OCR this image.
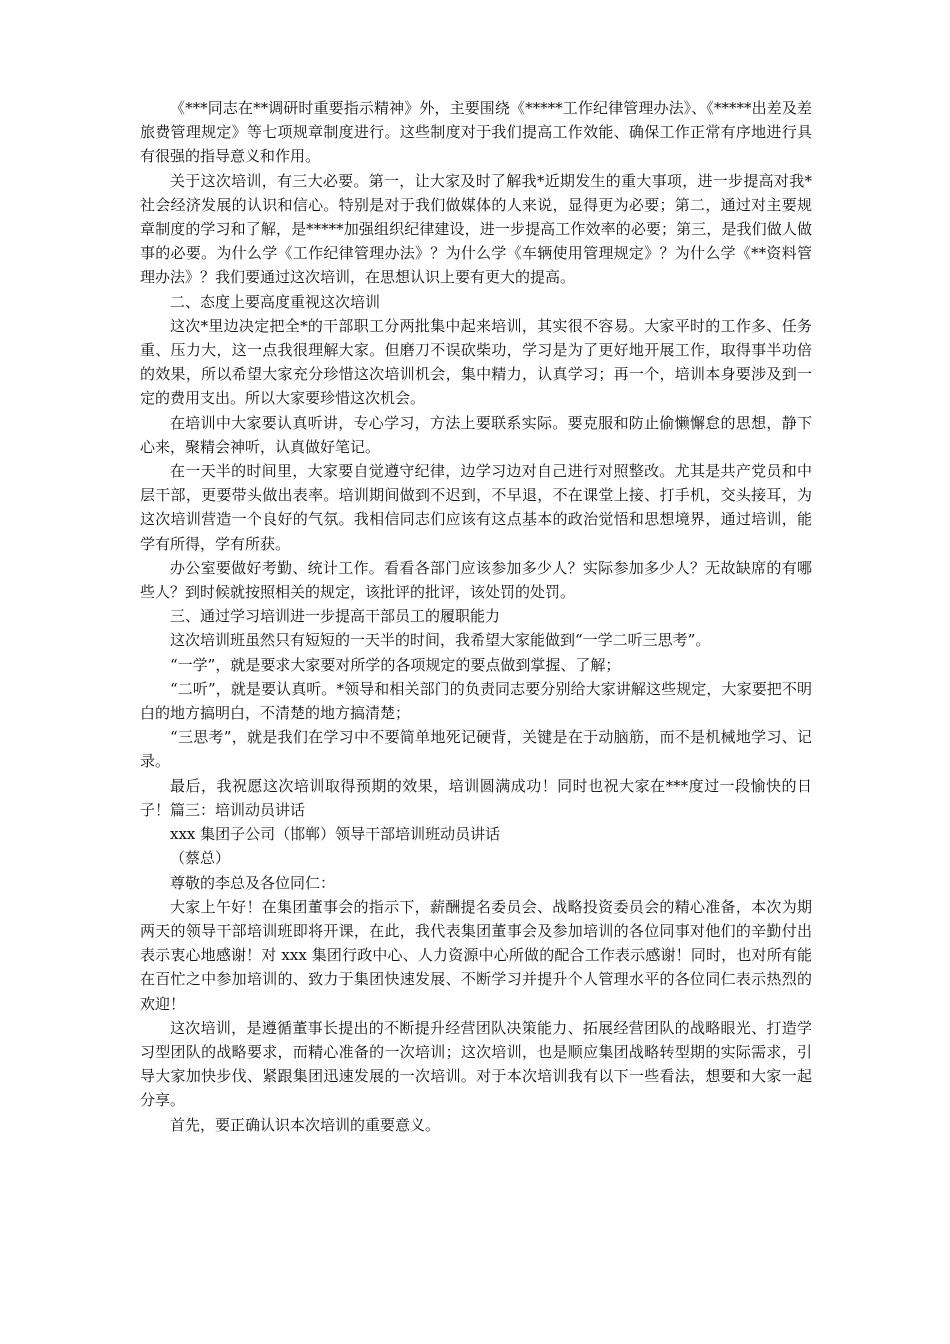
《***同志在**调研时重要指示精神》外，主要围绕《*****工作纪律管理办法》、《*****出差及差旅费管理规定》等七项规章制度进行。这些制度对于我们提高工作效能、确保工作正常有序地进行具有很强的指导意义和作用。

关于这次培训，有三大必要。第一，让大家及时了解我*近期发生的重大事项，进一步提高对我*社会经济发展的认识和信心。特别是对于我们做媒体的人来说，显得更为必要；第二，通过对主要规章制度的学习和了解，是*****加强组织纪律建设，进一步提高工作效率的必要；第三，是我们做人做事的必要。为什么学《工作纪律管理办法》？为什么学《车辆使用管理规定》？为什么学《**资料管理办法》？我们要通过这次培训，在思想认识上要有更大的提高。

二、态度上要高度重视这次培训

这次*里边决定把全*的干部职工分两批集中起来培训，其实很不容易。大家平时的工作多、任务重、压力大，这一点我很理解大家。但磨刀不误砍柴功，学习是为了更好地开展工作，取得事半功倍的效果，所以希望大家充分珍惜这次培训机会，集中精力，认真学习；再一个，培训本身要涉及到一定的费用支出。所以大家要珍惜这次机会。

在培训中大家要认真听讲，专心学习，方法上要联系实际。要克服和防止偷懒懈怠的思想，静下心来，聚精会神听，认真做好笔记。

在一天半的时间里，大家要自觉遵守纪律，边学习边对自己进行对照整改。尤其是共产党员和中层干部，更要带头做出表率。培训期间做到不迟到，不早退，不在课堂上接、打手机，交头接耳，为这次培训营造一个良好的气氛。我相信同志们应该有这点基本的政治觉悟和思想境界，通过培训，能学有所得，学有所获。

办公室要做好考勤、统计工作。看看各部门应该参加多少人？实际参加多少人？无故缺席的有哪些人？到时候就按照相关的规定，该批评的批评，该处罚的处罚。

三、通过学习培训进一步提高干部员工的履职能力

这次培训班虽然只有短短的一天半的时间，我希望大家能做到“一学二听三思考”。

“一学”，就是要求大家要对所学的各项规定的要点做到掌握、了解；

“二听”，就是要认真听。*领导和相关部门的负责同志要分别给大家讲解这些规定，大家要把不明白的地方搞明白，不清楚的地方搞清楚；

“三思考”，就是我们在学习中不要简单地死记硬背，关键是在于动脑筋，而不是机械地学习、记录。

最后，我祝愿这次培训取得预期的效果，培训圆满成功！同时也祝大家在***度过一段愉快的日子！篇三：培训动员讲话

xxx 集团子公司（邯郸）领导干部培训班动员讲话

（蔡总）

尊敬的李总及各位同仁：

大家上午好！在集团董事会的指示下，薪酬提名委员会、战略投资委员会的精心准备，本次为期两天的领导干部培训班即将开课，在此，我代表集团董事会及参加培训的各位同事对他们的辛勤付出表示衷心地感谢！对 xxx 集团行政中心、人力资源中心所做的配合工作表示感谢！同时，也对所有能在百忙之中参加培训的、致力于集团快速发展、不断学习并提升个人管理水平的各位同仁表示热烈的欢迎！

这次培训，是遵循董事长提出的不断提升经营团队决策能力、拓展经营团队的战略眼光、打造学习型团队的战略要求，而精心准备的一次培训；这次培训，也是顺应集团战略转型期的实际需求，引导大家加快步伐、紧跟集团迅速发展的一次培训。对于本次培训我有以下一些看法，想要和大家一起分享。

首先，要正确认识本次培训的重要意义。
